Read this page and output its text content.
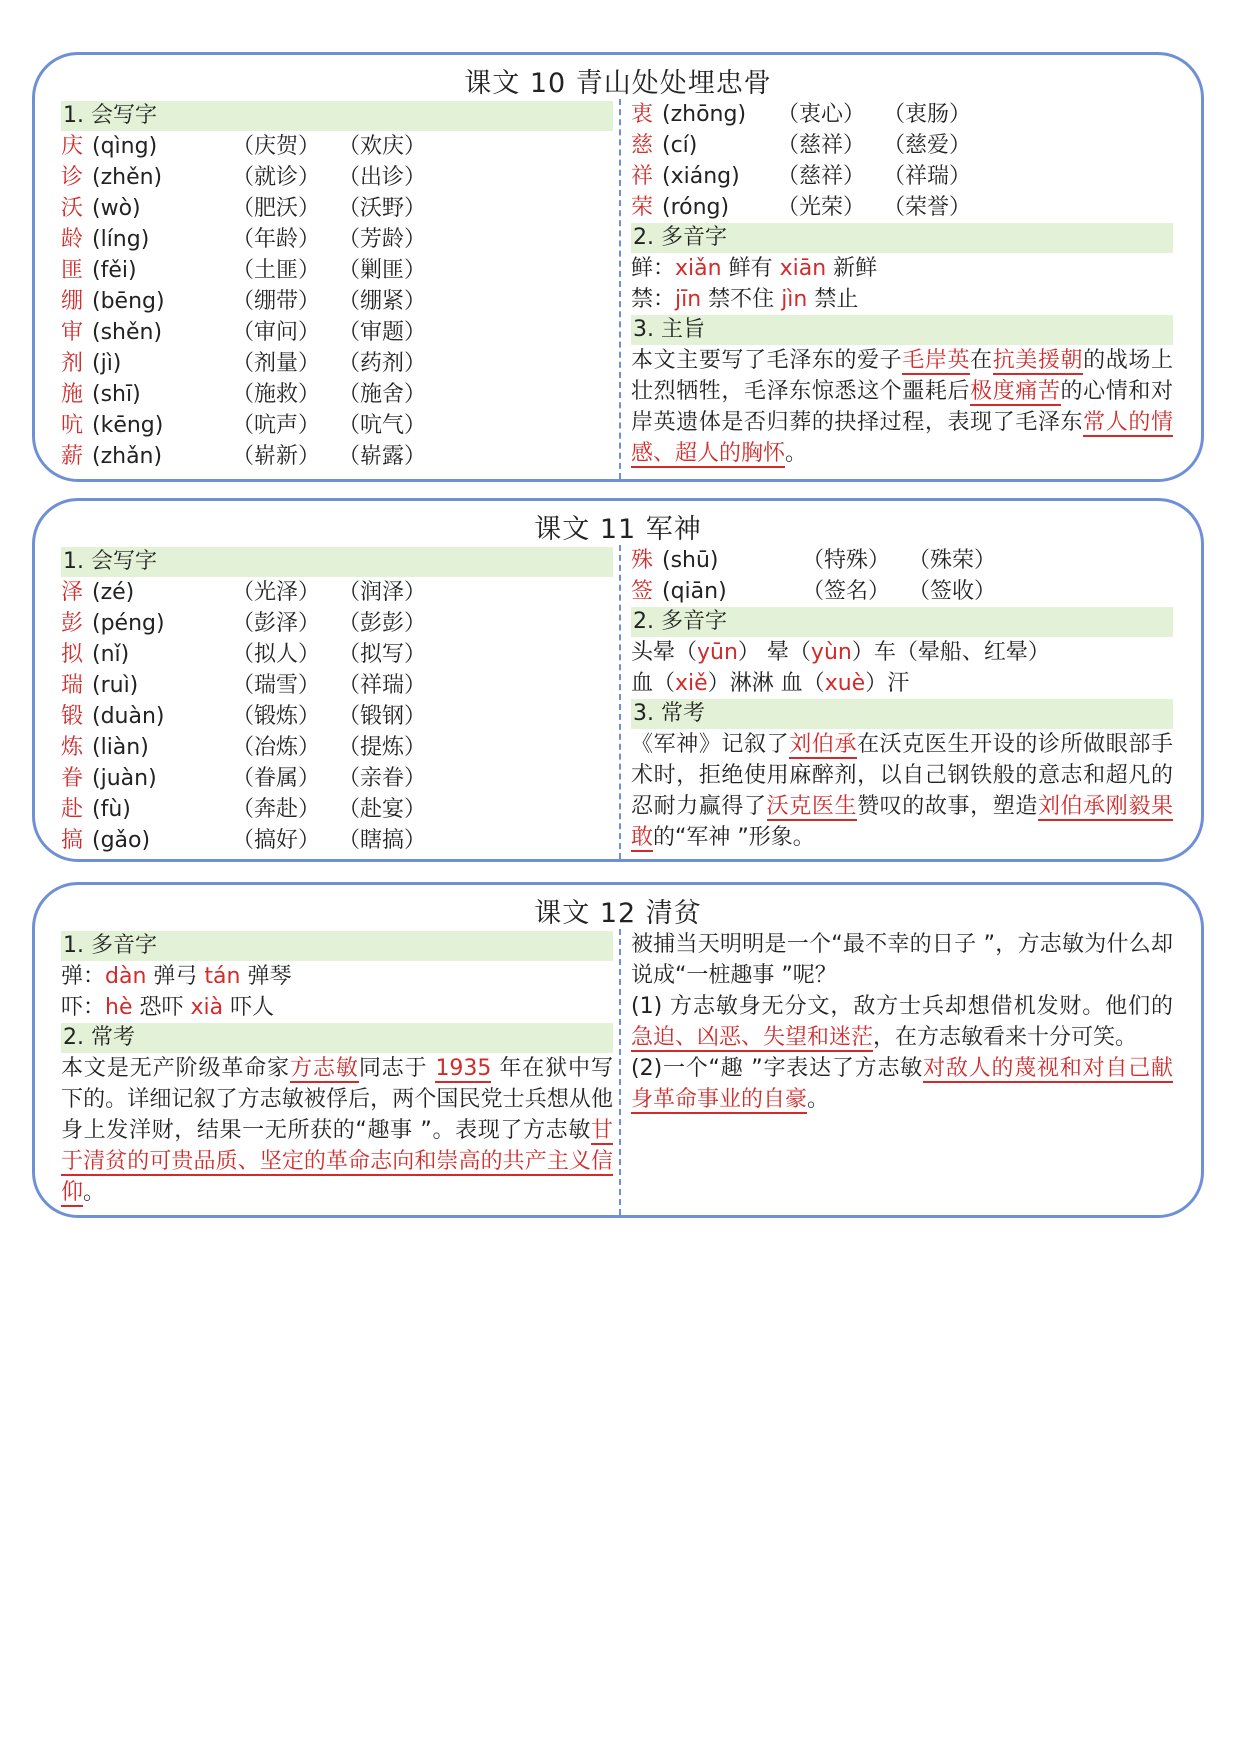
课文 10 青山处处埋忠骨
1. 会写字
庆 (qìng)	（庆贺） （欢庆）
诊 (zhěn)	（就诊） （出诊）
沃 (wò)	（肥沃） （沃野）
龄 (líng)	（年龄） （芳龄）
匪 (fěi)	（土匪） （剿匪）
绷 (bēng)	（绷带） （绷紧）
审 (shěn)	（审问） （审题）
剂 (jì)	（剂量） （药剂）
施 (shī)	（施救） （施舍）
吭 (kēng)	（吭声） （吭气）
薪 (zhǎn)	（崭新） （崭露）
衷 (zhōng) （衷心） （衷肠）
慈 (cí)	（慈祥） （慈爱）
祥 (xiáng) （慈祥） （祥瑞）
荣 (róng) （光荣） （荣誉）
2. 多音字
鲜：xiǎn 鲜有 xiān 新鲜
禁：jīn 禁不住 jìn 禁止
3. 主旨
本文主要写了毛泽东的爱子毛岸英在抗美援朝的战场上壮烈牺牲，毛泽东惊悉这个噩耗后极度痛苦的心情和对岸英遗体是否归葬的抉择过程，表现了毛泽东常人的情感、超人的胸怀。
课文 11 军神
1. 会写字
泽 (zé)	（光泽） （润泽）
彭 (péng)	（彭泽） （彭彭）
拟 (nǐ)	（拟人） （拟写）
瑞 (ruì)	（瑞雪） （祥瑞）
锻 (duàn)	（锻炼） （锻钢）
炼 (liàn)	（冶炼） （提炼）
眷 (juàn)	（眷属） （亲眷）
赴 (fù)	（奔赴） （赴宴）
搞 (gǎo)	（搞好） （瞎搞）
殊 (shū)	（特殊） （殊荣）
签 (qiān)	（签名） （签收）
2. 多音字
头晕（yūn） 晕（yùn）车（晕船、红晕）
血（xiě）淋淋 血（xuè）汗
3. 常考
《军神》记叙了刘伯承在沃克医生开设的诊所做眼部手术时，拒绝使用麻醉剂，以自己钢铁般的意志和超凡的忍耐力赢得了沃克医生赞叹的故事，塑造刘伯承刚毅果敢的“军神 ”形象。
课文 12 清贫
1. 多音字
弹：dàn 弹弓 tán 弹琴
吓：hè 恐吓 xià 吓人
2. 常考
本文是无产阶级革命家方志敏同志于 1935 年在狱中写下的。详细记叙了方志敏被俘后，两个国民党士兵想从他身上发洋财，结果一无所获的“趣事 ”。表现了方志敏甘于清贫的可贵品质、坚定的革命志向和崇高的共产主义信仰。
被捕当天明明是一个“最不幸的日子 ”，方志敏为什么却说成“一桩趣事 ”呢？
(1) 方志敏身无分文，敌方士兵却想借机发财。他们的急迫、凶恶、失望和迷茫，在方志敏看来十分可笑。
(2)一个“趣 ”字表达了方志敏对敌人的蔑视和对自己献身革命事业的自豪。
